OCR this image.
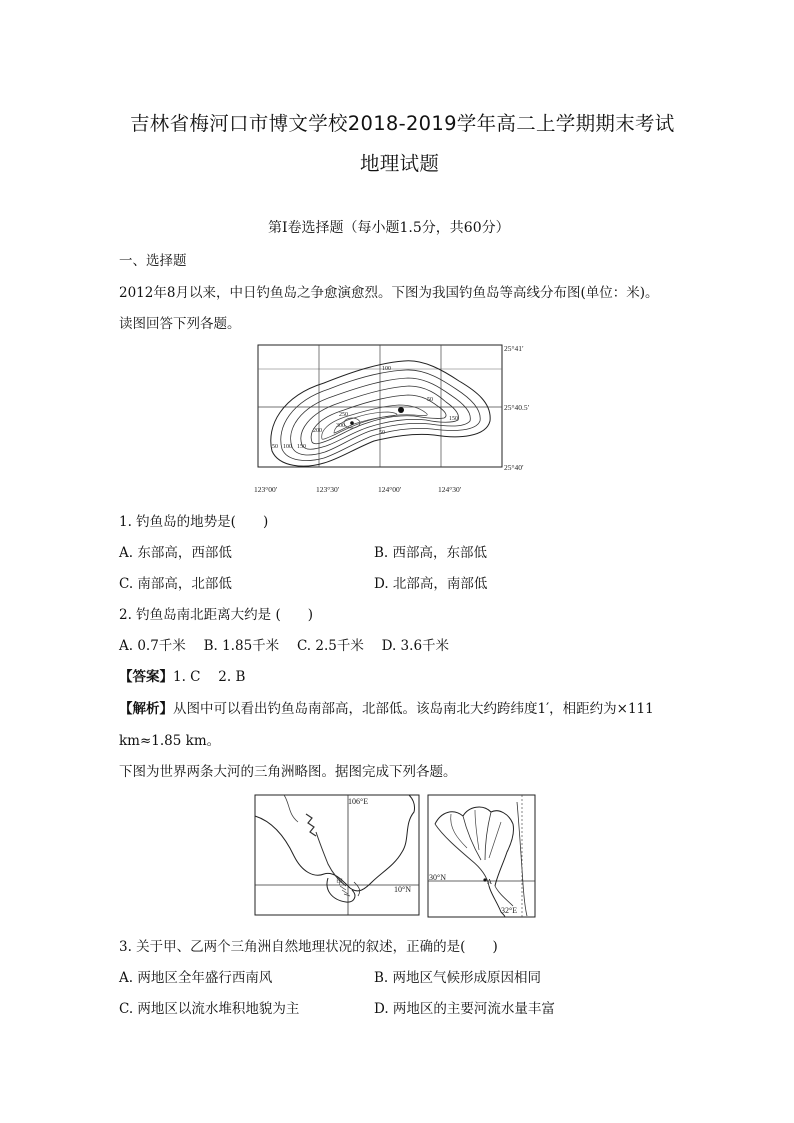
吉林省梅河口市博文学校2018-2019学年高二上学期期末考试
地理试题
第Ⅰ卷选择题（每小题1.5分，共60分）
一、选择题
2012年8月以来，中日钓鱼岛之争愈演愈烈。下图为我国钓鱼岛等高线分布图(单位：米)。
读图回答下列各题。
100
50
150
250
300
200
50 100 150
50
25°41′
25°40.5′
25°40′
123°00′	123°30′	124°00′	124°30′
1. 钓鱼岛的地势是(　　)
A. 东部高，西部低	B. 西部高，东部低
C. 南部高，北部低	D. 北部高，南部低
2. 钓鱼岛南北距离大约是 (　　)
A. 0.7千米　 B. 1.85千米　 C. 2.5千米　 D. 3.6千米
【答案】1. C　 2. B
【解析】从图中可以看出钓鱼岛南部高，北部低。该岛南北大约跨纬度1′，相距约为×111
km≈1.85 km。
下图为世界两条大河的三角洲略图。据图完成下列各题。
106°E
10°N
甲	30°N	A
32°E
3. 关于甲、乙两个三角洲自然地理状况的叙述，正确的是(　　)
A. 两地区全年盛行西南风	B. 两地区气候形成原因相同
C. 两地区以流水堆积地貌为主	D. 两地区的主要河流水量丰富
